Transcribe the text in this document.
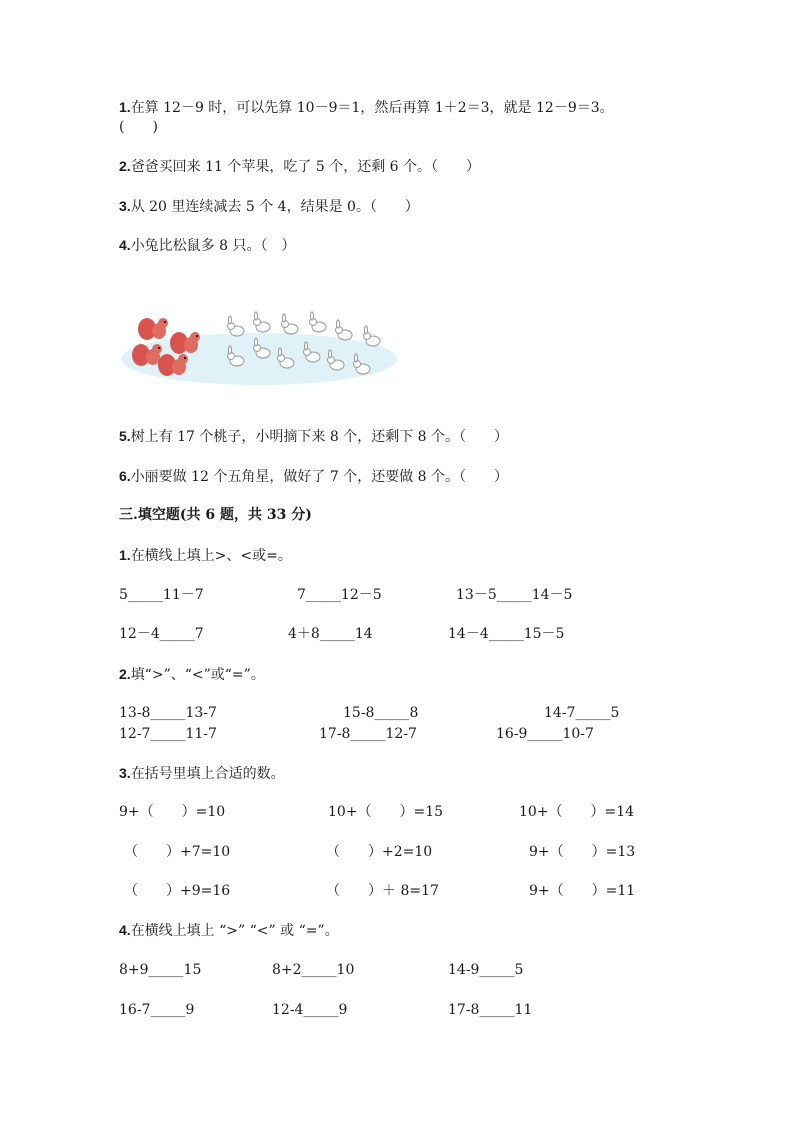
1.在算 12－9 时，可以先算 10－9＝1，然后再算 1＋2＝3，就是 12－9＝3。
(　　)
2.爸爸买回来 11 个苹果，吃了 5 个，还剩 6 个。（　　）
3.从 20 里连续减去 5 个 4，结果是 0。（　　）
4.小兔比松鼠多 8 只。（　）
5.树上有 17 个桃子，小明摘下来 8 个，还剩下 8 个。（　　）
6.小丽要做 12 个五角星，做好了 7 个，还要做 8 个。（　　）
三.填空题(共 6 题，共 33 分)
1.在横线上填上>、<或=。
5_____11－7	7_____12－5	13－5_____14－5
12－4_____7	4＋8_____14	14－4_____15－5
2.填“>”、“<”或“=”。
13-8_____13-7	15-8_____8	14-7_____5
12-7_____11-7	17-8_____12-7	16-9_____10-7
3.在括号里填上合适的数。
9+（　　）=10	10+（　　）=15	10+（　　）=14
（　　）+7=10	（　　）+2=10	9+（　　）=13
（　　）+9=16	（　　）＋ 8=17	9+（　　）=11
4.在横线上填上 “>” “<” 或 “=”。
8+9_____15	8+2_____10	14-9_____5
16-7_____9	12-4_____9	17-8_____11
